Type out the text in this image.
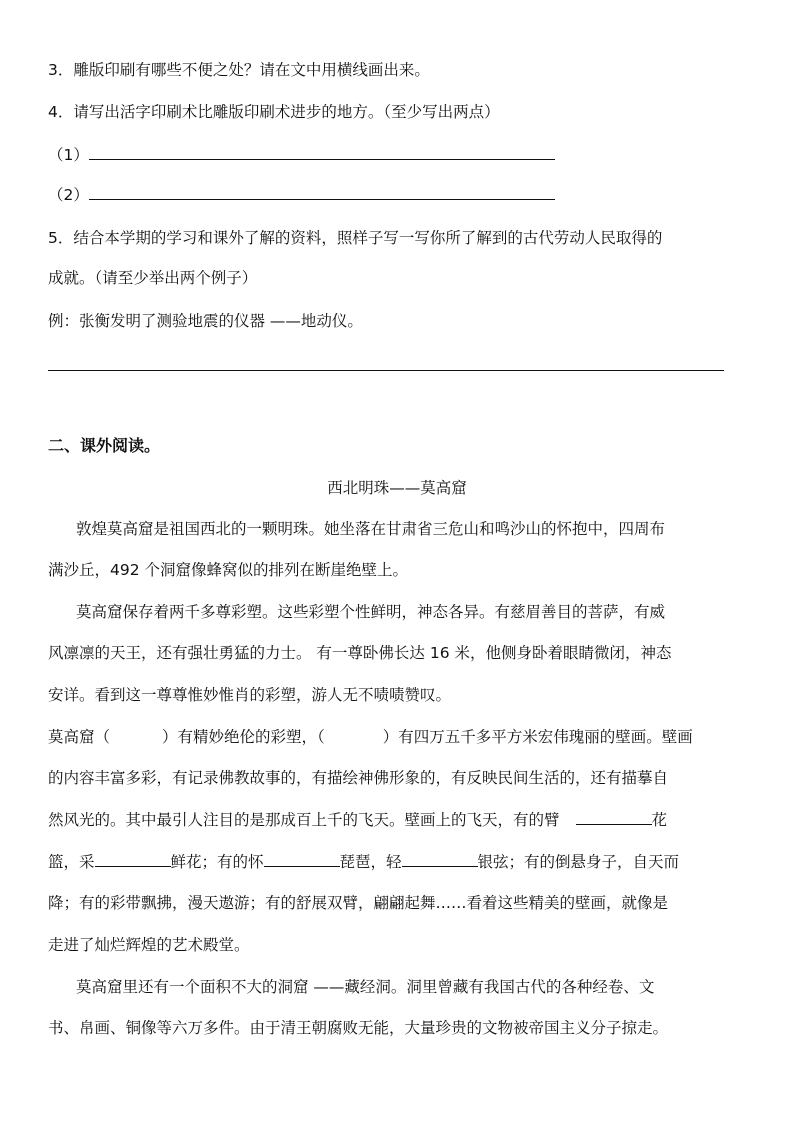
3．雕版印刷有哪些不便之处？请在文中用横线画出来。
4．请写出活字印刷术比雕版印刷术进步的地方。（至少写出两点）
（1）
（2）
5．结合本学期的学习和课外了解的资料，照样子写一写你所了解到的古代劳动人民取得的
成就。（请至少举出两个例子）
例：张衡发明了测验地震的仪器 ——地动仪。
二、课外阅读。
西北明珠——莫高窟
敦煌莫高窟是祖国西北的一颗明珠。她坐落在甘肃省三危山和鸣沙山的怀抱中，四周布
满沙丘，492 个洞窟像蜂窝似的排列在断崖绝壁上。
莫高窟保存着两千多尊彩塑。这些彩塑个性鲜明，神态各异。有慈眉善目的菩萨，有威
风凛凛的天王，还有强壮勇猛的力士。 有一尊卧佛长达 16 米，他侧身卧着眼睛微闭，神态
安详。看到这一尊尊惟妙惟肖的彩塑，游人无不啧啧赞叹。
莫高窟（	）有精妙绝伦的彩塑，（	）有四万五千多平方米宏伟瑰丽的壁画。壁画
的内容丰富多彩，有记录佛教故事的，有描绘神佛形象的，有反映民间生活的，还有描摹自
然风光的。其中最引人注目的是那成百上千的飞天。壁画上的飞天，有的臂	花
篮，采	鲜花；有的怀	琵琶，轻	银弦；有的倒悬身子，自天而
降；有的彩带飘拂，漫天遨游；有的舒展双臂，翩翩起舞……看着这些精美的壁画，就像是
走进了灿烂辉煌的艺术殿堂。
莫高窟里还有一个面积不大的洞窟 ——藏经洞。洞里曾藏有我国古代的各种经卷、文
书、帛画、铜像等六万多件。由于清王朝腐败无能，大量珍贵的文物被帝国主义分子掠走。
